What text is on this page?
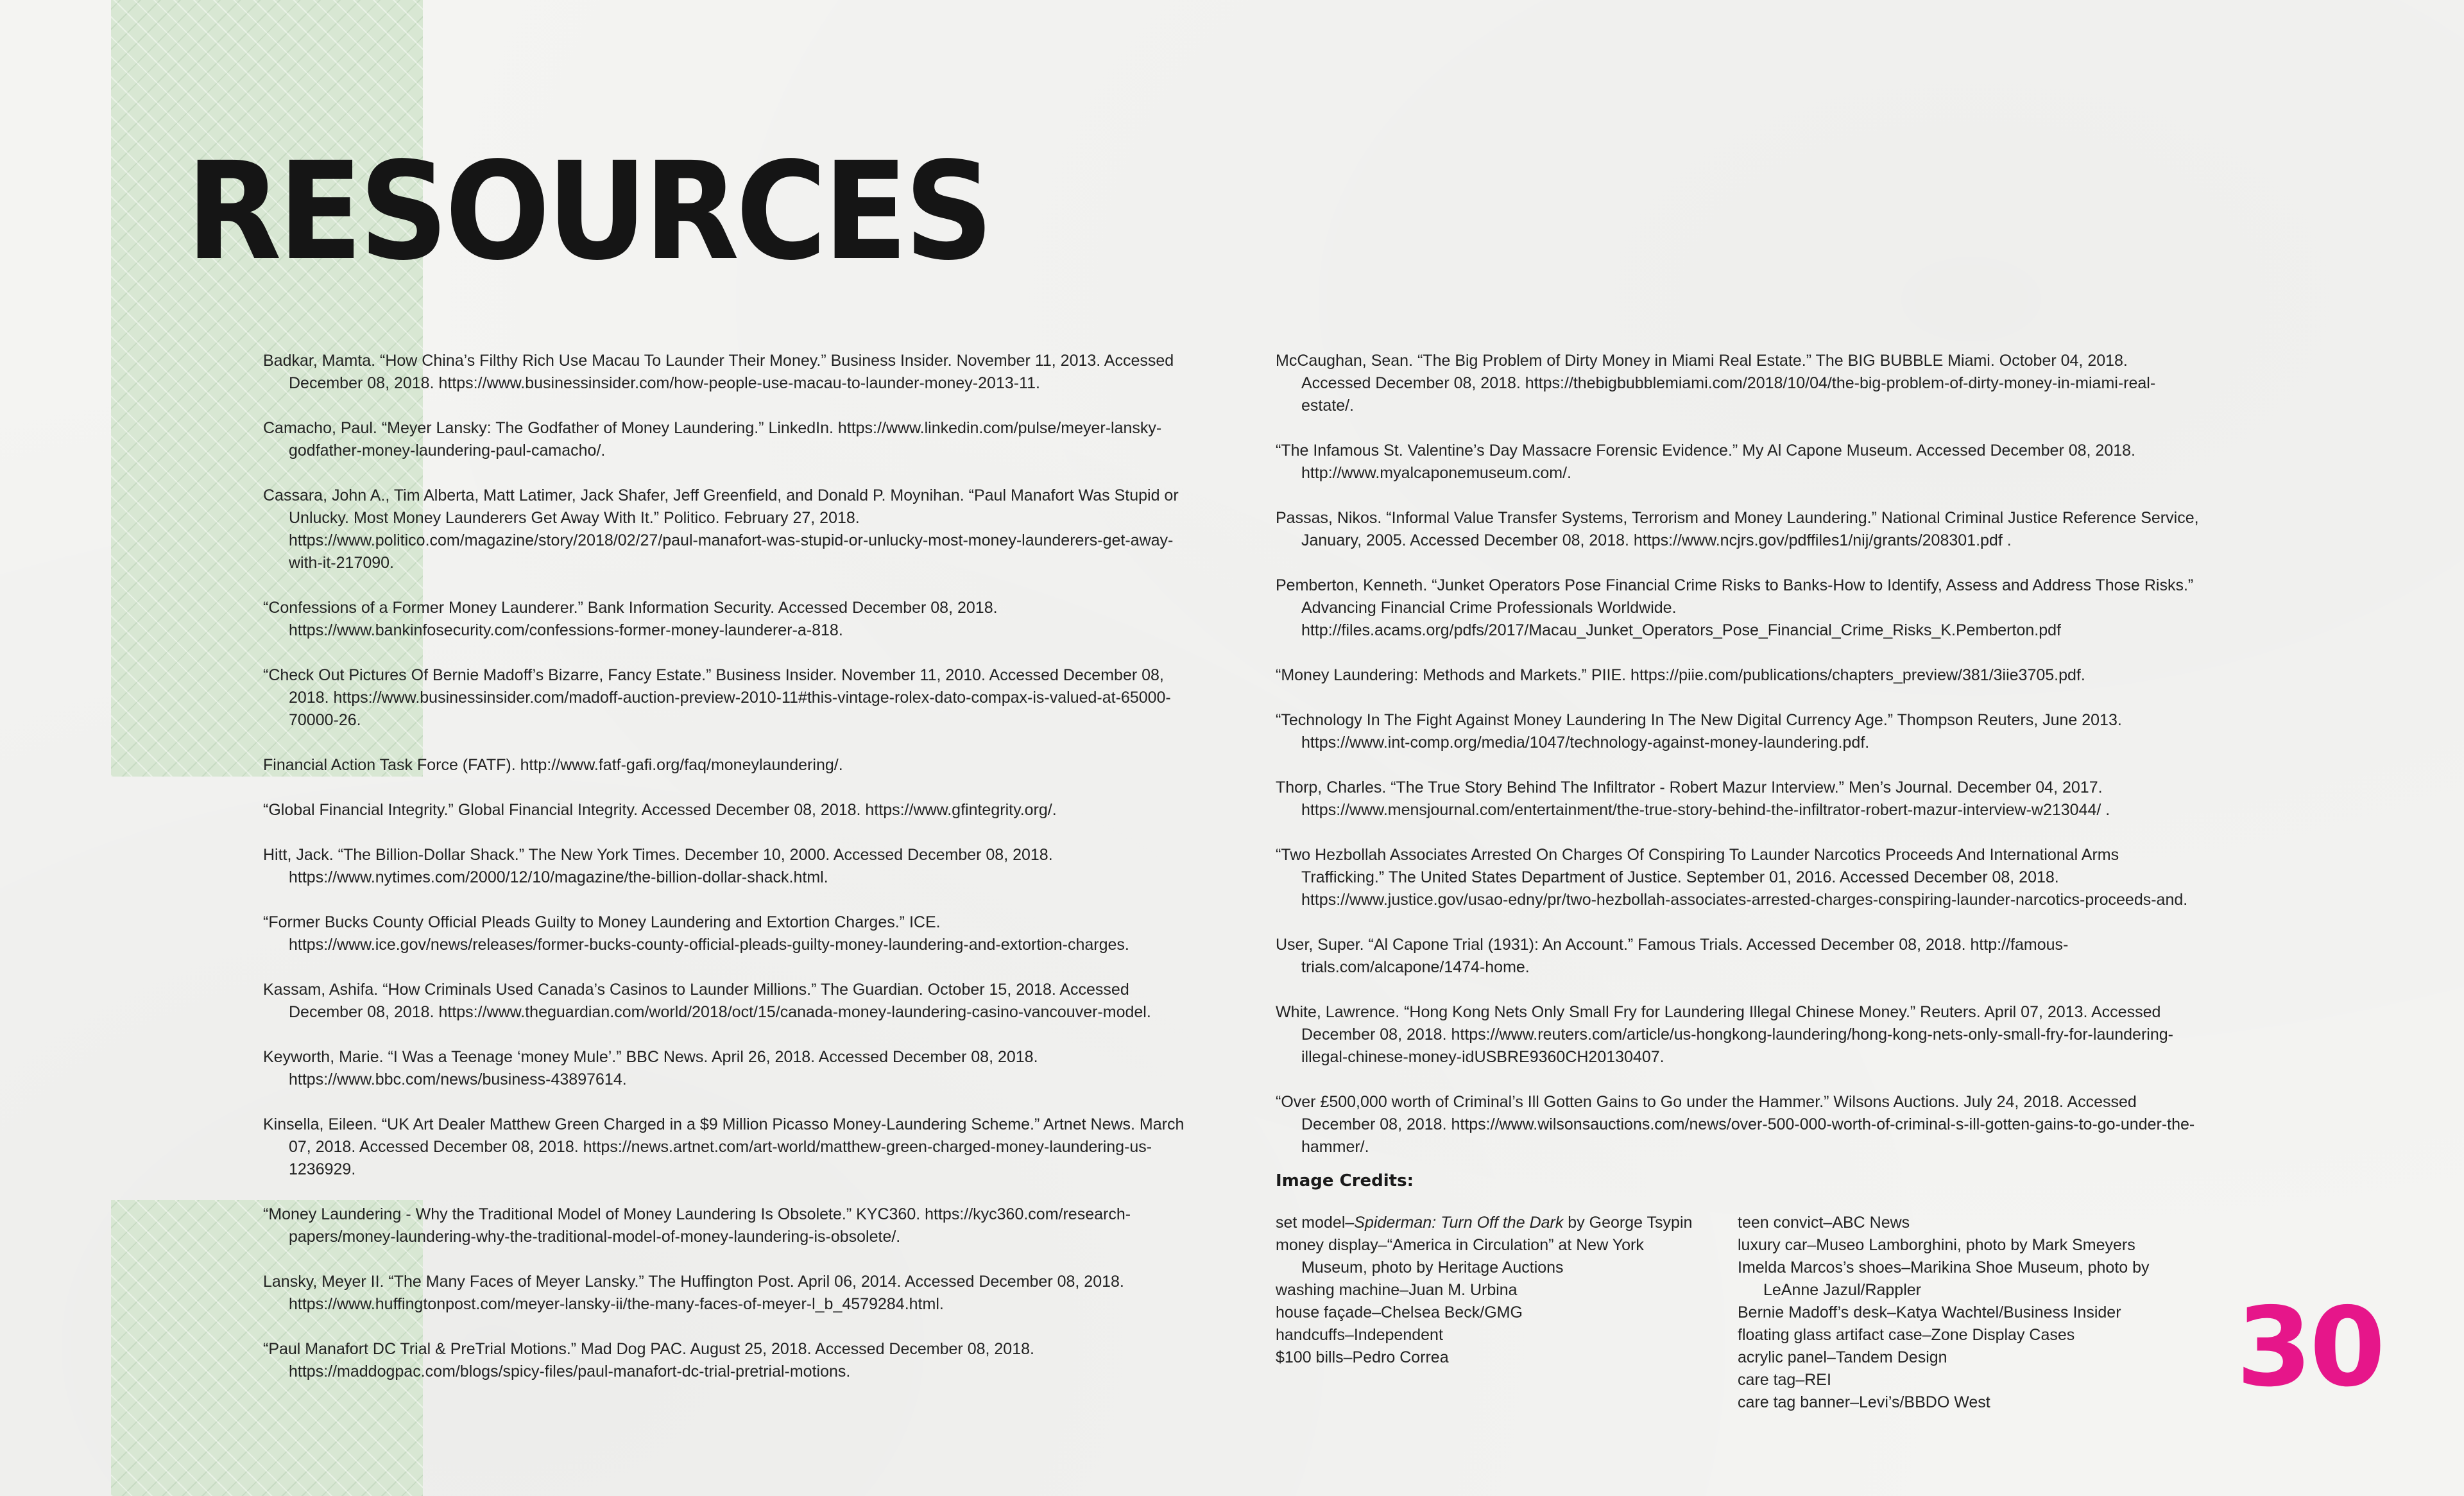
RESOURCES

Badkar, Mamta. “How China’s Filthy Rich Use Macau To Launder Their Money.” Business Insider. November 11, 2013. Accessed December 08, 2018. https://www.businessinsider.com/how-people-use-macau-to-launder-money-2013-11.

Camacho, Paul. “Meyer Lansky: The Godfather of Money Laundering.” LinkedIn. https://www.linkedin.com/pulse/meyer-lansky-godfather-money-laundering-paul-camacho/.

Cassara, John A., Tim Alberta, Matt Latimer, Jack Shafer, Jeff Greenfield, and Donald P. Moynihan. “Paul Manafort Was Stupid or Unlucky. Most Money Launderers Get Away With It.” Politico. February 27, 2018. https://www.politico.com/magazine/story/2018/02/27/paul-manafort-was-stupid-or-unlucky-most-money-launderers-get-away-with-it-217090.

“Confessions of a Former Money Launderer.” Bank Information Security. Accessed December 08, 2018. https://www.bankinfosecurity.com/confessions-former-money-launderer-a-818.

“Check Out Pictures Of Bernie Madoff’s Bizarre, Fancy Estate.” Business Insider. November 11, 2010. Accessed December 08, 2018. https://www.businessinsider.com/madoff-auction-preview-2010-11#this-vintage-rolex-dato-compax-is-valued-at-65000-70000-26.

Financial Action Task Force (FATF). http://www.fatf-gafi.org/faq/moneylaundering/.

“Global Financial Integrity.” Global Financial Integrity. Accessed December 08, 2018. https://www.gfintegrity.org/.

Hitt, Jack. “The Billion-Dollar Shack.” The New York Times. December 10, 2000. Accessed December 08, 2018. https://www.nytimes.com/2000/12/10/magazine/the-billion-dollar-shack.html.

“Former Bucks County Official Pleads Guilty to Money Laundering and Extortion Charges.” ICE. https://www.ice.gov/news/releases/former-bucks-county-official-pleads-guilty-money-laundering-and-extortion-charges.

Kassam, Ashifa. “How Criminals Used Canada’s Casinos to Launder Millions.” The Guardian. October 15, 2018. Accessed December 08, 2018. https://www.theguardian.com/world/2018/oct/15/canada-money-laundering-casino-vancouver-model.

Keyworth, Marie. “I Was a Teenage ‘money Mule’.” BBC News. April 26, 2018. Accessed December 08, 2018. https://www.bbc.com/news/business-43897614.

Kinsella, Eileen. “UK Art Dealer Matthew Green Charged in a $9 Million Picasso Money-Laundering Scheme.” Artnet News. March 07, 2018. Accessed December 08, 2018. https://news.artnet.com/art-world/matthew-green-charged-money-laundering-us-1236929.

“Money Laundering - Why the Traditional Model of Money Laundering Is Obsolete.” KYC360. https://kyc360.com/research-papers/money-laundering-why-the-traditional-model-of-money-laundering-is-obsolete/.

Lansky, Meyer II. “The Many Faces of Meyer Lansky.” The Huffington Post. April 06, 2014. Accessed December 08, 2018. https://www.huffingtonpost.com/meyer-lansky-ii/the-many-faces-of-meyer-l_b_4579284.html.

“Paul Manafort DC Trial & PreTrial Motions.” Mad Dog PAC. August 25, 2018. Accessed December 08, 2018. https://maddogpac.com/blogs/spicy-files/paul-manafort-dc-trial-pretrial-motions.

McCaughan, Sean. “The Big Problem of Dirty Money in Miami Real Estate.” The BIG BUBBLE Miami. October 04, 2018. Accessed December 08, 2018. https://thebigbubblemiami.com/2018/10/04/the-big-problem-of-dirty-money-in-miami-real-estate/.

“The Infamous St. Valentine’s Day Massacre Forensic Evidence.” My Al Capone Museum. Accessed December 08, 2018. http://www.myalcaponemuseum.com/.

Passas, Nikos. “Informal Value Transfer Systems, Terrorism and Money Laundering.” National Criminal Justice Reference Service, January, 2005. Accessed December 08, 2018. https://www.ncjrs.gov/pdffiles1/nij/grants/208301.pdf .

Pemberton, Kenneth. “Junket Operators Pose Financial Crime Risks to Banks-How to Identify, Assess and Address Those Risks.” Advancing Financial Crime Professionals Worldwide. http://files.acams.org/pdfs/2017/Macau_Junket_Operators_Pose_Financial_Crime_Risks_K.Pemberton.pdf

“Money Laundering: Methods and Markets.” PIIE. https://piie.com/publications/chapters_preview/381/3iie3705.pdf.

“Technology In The Fight Against Money Laundering In The New Digital Currency Age.” Thompson Reuters, June 2013. https://www.int-comp.org/media/1047/technology-against-money-laundering.pdf.

Thorp, Charles. “The True Story Behind The Infiltrator - Robert Mazur Interview.” Men’s Journal. December 04, 2017. https://www.mensjournal.com/entertainment/the-true-story-behind-the-infiltrator-robert-mazur-interview-w213044/ .

“Two Hezbollah Associates Arrested On Charges Of Conspiring To Launder Narcotics Proceeds And International Arms Trafficking.” The United States Department of Justice. September 01, 2016. Accessed December 08, 2018. https://www.justice.gov/usao-edny/pr/two-hezbollah-associates-arrested-charges-conspiring-launder-narcotics-proceeds-and.

User, Super. “Al Capone Trial (1931): An Account.” Famous Trials. Accessed December 08, 2018. http://famous-trials.com/alcapone/1474-home.

White, Lawrence. “Hong Kong Nets Only Small Fry for Laundering Illegal Chinese Money.” Reuters. April 07, 2013. Accessed December 08, 2018. https://www.reuters.com/article/us-hongkong-laundering/hong-kong-nets-only-small-fry-for-laundering-illegal-chinese-money-idUSBRE9360CH20130407.

“Over £500,000 worth of Criminal’s Ill Gotten Gains to Go under the Hammer.” Wilsons Auctions. July 24, 2018. Accessed December 08, 2018. https://www.wilsonsauctions.com/news/over-500-000-worth-of-criminal-s-ill-gotten-gains-to-go-under-the-hammer/.

Image Credits:

set model–Spiderman: Turn Off the Dark by George Tsypin

money display–“America in Circulation” at New York Museum, photo by Heritage Auctions

washing machine–Juan M. Urbina

house façade–Chelsea Beck/GMG

handcuffs–Independent

$100 bills–Pedro Correa

teen convict–ABC News

luxury car–Museo Lamborghini, photo by Mark Smeyers

Imelda Marcos’s shoes–Marikina Shoe Museum, photo by LeAnne Jazul/Rappler

Bernie Madoff’s desk–Katya Wachtel/Business Insider

floating glass artifact case–Zone Display Cases

acrylic panel–Tandem Design

care tag–REI

care tag banner–Levi’s/BBDO West	30
